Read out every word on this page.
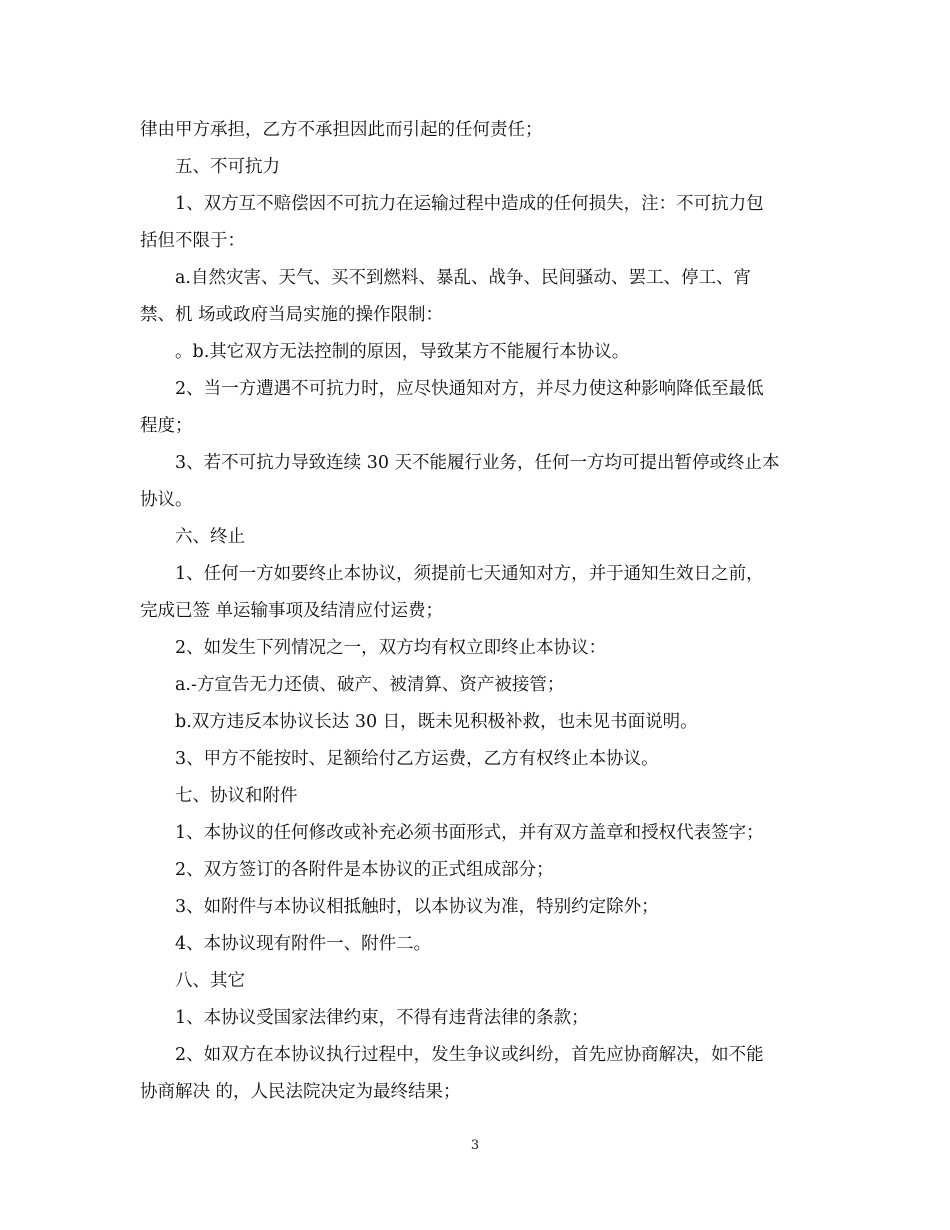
律由甲方承担，乙方不承担因此而引起的任何责任；

五、不可抗力

1、双方互不赔偿因不可抗力在运输过程中造成的任何损失，注：不可抗力包

括但不限于：

a.自然灾害、天气、买不到燃料、暴乱、战争、民间骚动、罢工、停工、宵

禁、机 场或政府当局实施的操作限制：

。b.其它双方无法控制的原因，导致某方不能履行本协议。

2、当一方遭遇不可抗力时，应尽快通知对方，并尽力使这种影响降低至最低

程度；

3、若不可抗力导致连续 30 天不能履行业务，任何一方均可提出暂停或终止本

协议。

六、终止

1、任何一方如要终止本协议，须提前七天通知对方，并于通知生效日之前，

完成已签 单运输事项及结清应付运费；

2、如发生下列情况之一，双方均有权立即终止本协议：

a.-方宣告无力还债、破产、被清算、资产被接管；

b.双方违反本协议长达 30 日，既未见积极补救，也未见书面说明。

3、甲方不能按时、足额给付乙方运费，乙方有权终止本协议。

七、协议和附件

1、本协议的任何修改或补充必须书面形式，并有双方盖章和授权代表签字；

2、双方签订的各附件是本协议的正式组成部分；

3、如附件与本协议相抵触时，以本协议为准，特别约定除外；

4、本协议现有附件一、附件二。

八、其它

1、本协议受国家法律约束，不得有违背法律的条款；

2、如双方在本协议执行过程中，发生争议或纠纷，首先应协商解决，如不能

协商解决 的，人民法院决定为最终结果；

3
